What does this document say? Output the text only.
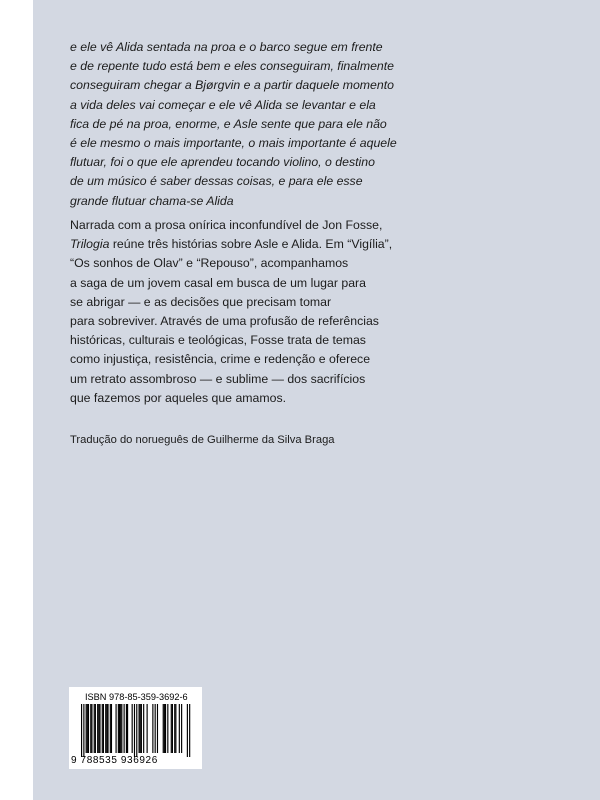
e ele vê Alida sentada na proa e o barco segue em frente
e de repente tudo está bem e eles conseguiram, finalmente
conseguiram chegar a Bjørgvin e a partir daquele momento
a vida deles vai começar e ele vê Alida se levantar e ela
fica de pé na proa, enorme, e Asle sente que para ele não
é ele mesmo o mais importante, o mais importante é aquele
flutuar, foi o que ele aprendeu tocando violino, o destino
de um músico é saber dessas coisas, e para ele esse
grande flutuar chama-se Alida
Narrada com a prosa onírica inconfundível de Jon Fosse,
Trilogia reúne três histórias sobre Asle e Alida. Em “Vigília”,
“Os sonhos de Olav” e “Repouso”, acompanhamos
a saga de um jovem casal em busca de um lugar para
se abrigar — e as decisões que precisam tomar
para sobreviver. Através de uma profusão de referências
históricas, culturais e teológicas, Fosse trata de temas
como injustiça, resistência, crime e redenção e oferece
um retrato assombroso — e sublime — dos sacrifícios
que fazemos por aqueles que amamos.
Tradução do norueguês de Guilherme da Silva Braga
ISBN 978-85-359-3692-6
9 788535 936926
